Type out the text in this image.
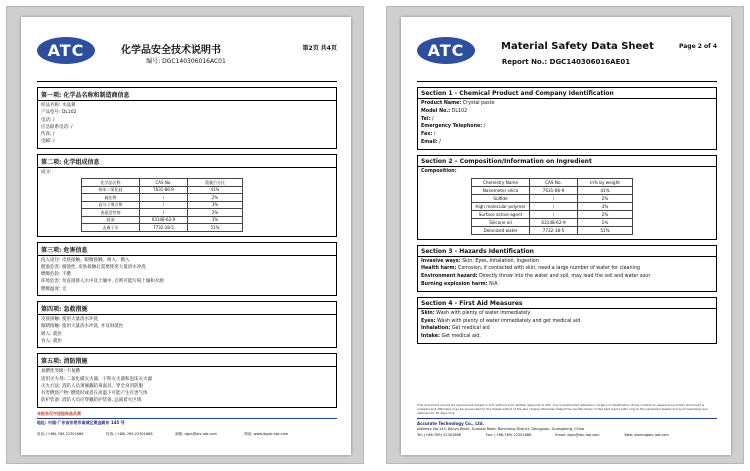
ATC	化学品安全技术说明书	第2页 共4页
编号: DGC140306016AC01
第一项: 化学品名称和制造商信息
样品名称: 水晶膏
产品型号: DL102
电话: /
应急联系电话: /
传真: /
电邮: /
第二项: 化学组成信息
成分:
化学品名称	CAS No.	重量百分比
纳米二氧化硅	7631-86-9	41%
硫化物	/	2%
高分子聚合物	/	3%
表面活性剂	/	2%
硅油	63148-62-9	1%
去离子水	7732-18-5	51%
第三项: 危害信息
侵入途径: 皮肤接触、眼睛接触、吸入、摄入
健康危害: 腐蚀性, 皮肤接触后需要使用大量清水冲洗
燃爆危险: 不燃
环境危害: 勿直接排入水中及土壤中, 否则可能污染土壤和水源
燃爆温度: 无
第四项: 急救措施
皮肤接触: 使用大量清水冲洗
眼睛接触: 使用大量清水冲洗, 并及时就医
吸入: 就医
食入: 就医
第五项: 消防措施
易燃性等级: 不易燃
适用灭火剂: 二氧化碳灭火器、干粉灭火器和泡沫灭火器
灭火方法: 消防人员须佩戴防毒面具、穿全身消防服
有害燃烧产物: 燃烧时或者在高温下可能产生有害气体
防护装备: 消防人员应穿戴防护装备, 远离着火区域
本报告仅对送检样品负责
地址: 中国·广东省东莞市南城区黄金路东 145 号
电话: (+86)-769-22301666	传真: (+86)-769-22301666	邮箱: dgcs@atc-lab.com	网址: www.dgatc-lab.com
ATC	Material Safety Data Sheet	Page 2 of 4
Report No.: DGC140306016AE01
Section 1 - Chemical Product and Company Identification
Product Name: Crystal paste
Model No.: DL102
Tel: /
Emergency Telephone: /
Fax: /
Email: /
Section 2 – Composition/Information on Ingredient
Composition:
Chemistry Name	CAS No.	In% by weight
Nanometer silica	7631-86-9	41%
Sulfide	/	2%
High molecular polymer	/	3%
Surface active agent	/	2%
Silicone oil	63148-62-9	1%
Deionized water	7732-18-5	51%
Section 3 - Hazards Identification
Invasive ways: Skin, Eyes, Inhalation, Ingestion
Health harm: Corrosion, if contacted with skin, need a large number of water for cleaning
Environment hazard: Directly throw into the water and soil, may lead the soil and water sour
Burning explosion harm: N/A
Section 4 - First Aid Measures
Skin: Wash with plenty of water immediately
Eyes: Wash with plenty of water immediately and get medical aid
Inhalation: Get medical aid
Intake: Get medical aid.
This document cannot be reproduced except in full, without prior written approval of ATC. Any unauthorized alteration, forgery or falsification of the content or appearance of this document is unlawful and offenders may be prosecuted to the fullest extent of the law. Unless otherwise stated the results shown in this test report refer only to the sample(s) tested and such sample(s) are retained for 30 days only.
Accurate Technology Co., Ltd.
Address: No.145, Banyu Block, Guantai Road, Nancheng District, Dongguan, Guangdong, China
Tel: (+86-769) 22301666	Fax: (+86-769) 22301666	Email: dgcs@atc-lab.com	Web: www.dgatc-lab.com
